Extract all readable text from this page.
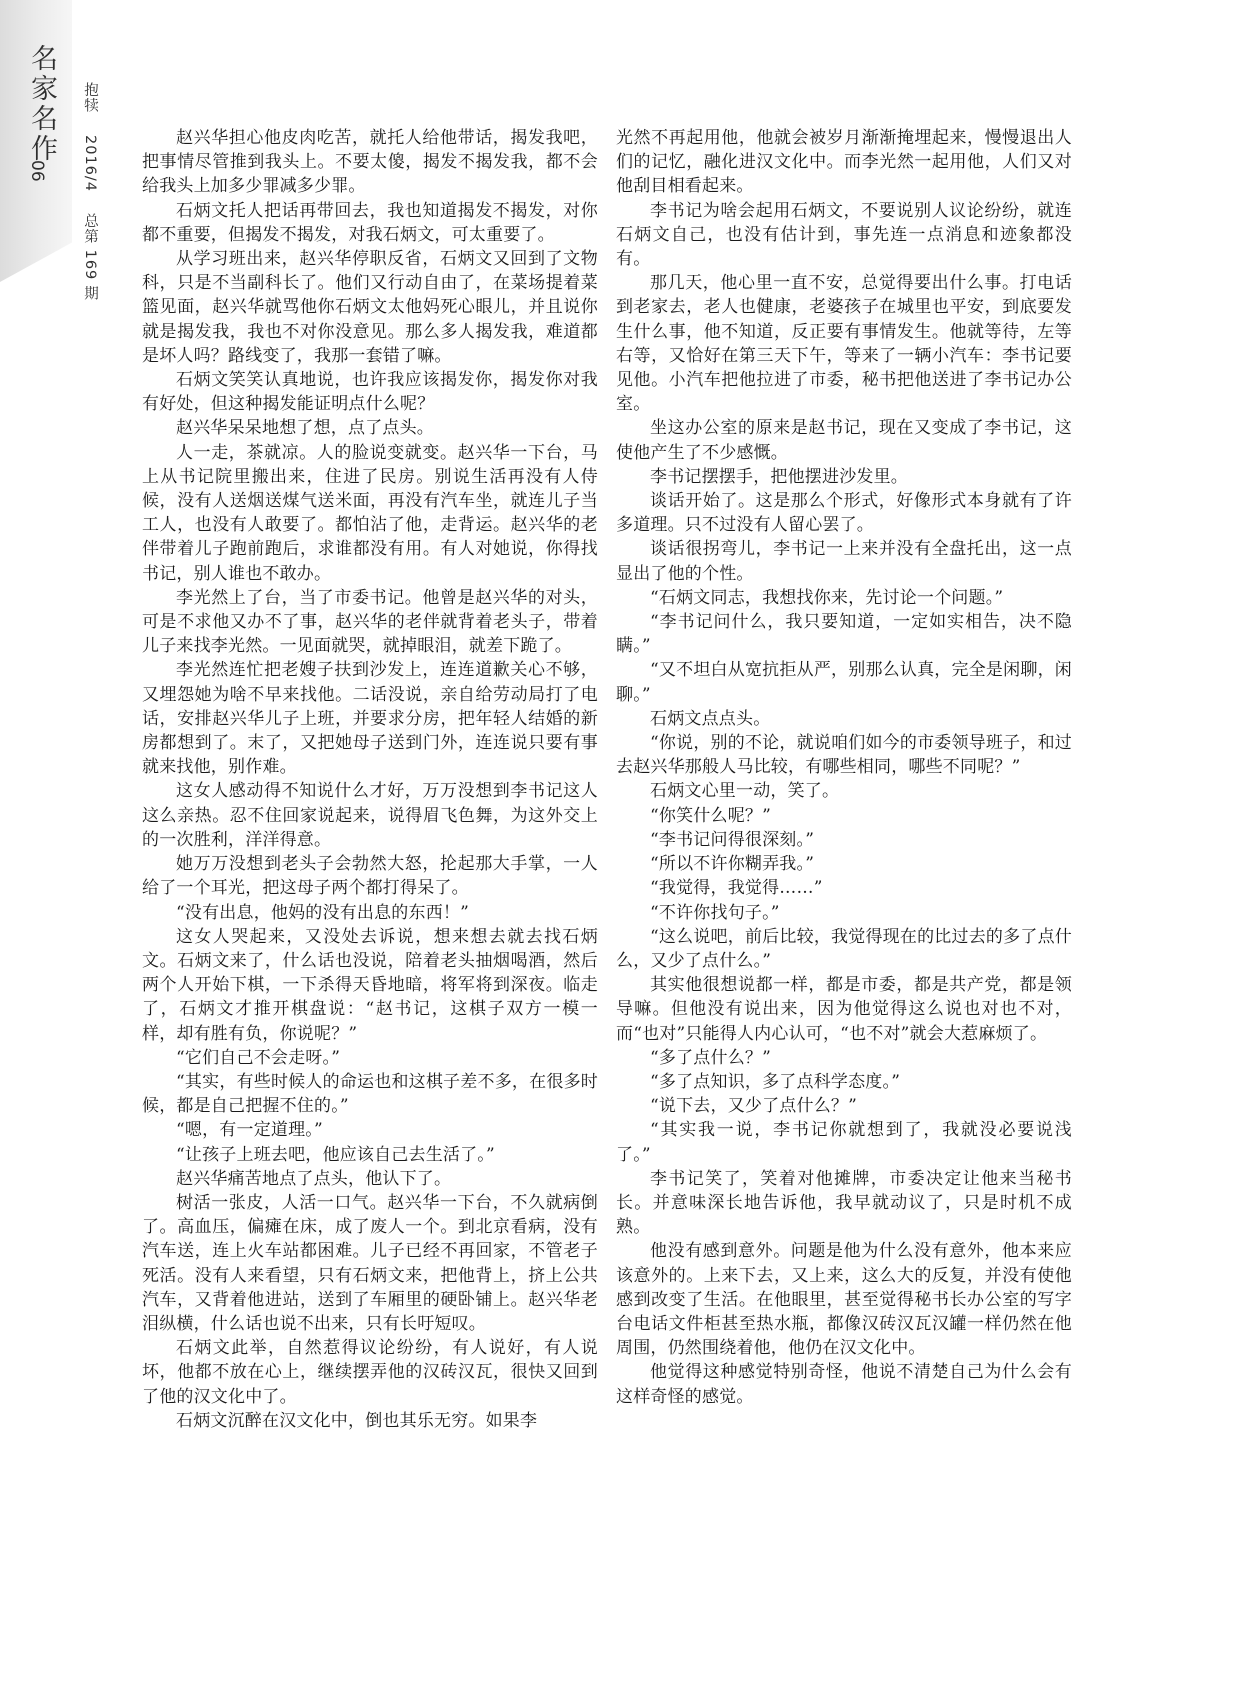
名家名作
06
抱犊 2016/4 总第 169 期

赵兴华担心他皮肉吃苦，就托人给他带话，揭发我吧，把事情尽管推到我头上。不要太傻，揭发不揭发我，都不会给我头上加多少罪减多少罪。

石炳文托人把话再带回去，我也知道揭发不揭发，对你都不重要，但揭发不揭发，对我石炳文，可太重要了。

从学习班出来，赵兴华停职反省，石炳文又回到了文物科，只是不当副科长了。他们又行动自由了，在菜场提着菜篮见面，赵兴华就骂他你石炳文太他妈死心眼儿，并且说你就是揭发我，我也不对你没意见。那么多人揭发我，难道都是坏人吗？路线变了，我那一套错了嘛。

石炳文笑笑认真地说，也许我应该揭发你，揭发你对我有好处，但这种揭发能证明点什么呢？

赵兴华呆呆地想了想，点了点头。

人一走，茶就凉。人的脸说变就变。赵兴华一下台，马上从书记院里搬出来，住进了民房。别说生活再没有人侍候，没有人送烟送煤气送米面，再没有汽车坐，就连儿子当工人，也没有人敢要了。都怕沾了他，走背运。赵兴华的老伴带着儿子跑前跑后，求谁都没有用。有人对她说，你得找书记，别人谁也不敢办。

李光然上了台，当了市委书记。他曾是赵兴华的对头，可是不求他又办不了事，赵兴华的老伴就背着老头子，带着儿子来找李光然。一见面就哭，就掉眼泪，就差下跪了。

李光然连忙把老嫂子扶到沙发上，连连道歉关心不够，又埋怨她为啥不早来找他。二话没说，亲自给劳动局打了电话，安排赵兴华儿子上班，并要求分房，把年轻人结婚的新房都想到了。末了，又把她母子送到门外，连连说只要有事就来找他，别作难。

这女人感动得不知说什么才好，万万没想到李书记这人这么亲热。忍不住回家说起来，说得眉飞色舞，为这外交上的一次胜利，洋洋得意。

她万万没想到老头子会勃然大怒，抡起那大手掌，一人给了一个耳光，把这母子两个都打得呆了。

“没有出息，他妈的没有出息的东西！”

这女人哭起来，又没处去诉说，想来想去就去找石炳文。石炳文来了，什么话也没说，陪着老头抽烟喝酒，然后两个人开始下棋，一下杀得天昏地暗，将军将到深夜。临走了，石炳文才推开棋盘说：“赵书记，这棋子双方一模一样，却有胜有负，你说呢？”

“它们自己不会走呀。”

“其实，有些时候人的命运也和这棋子差不多，在很多时候，都是自己把握不住的。”

“嗯，有一定道理。”

“让孩子上班去吧，他应该自己去生活了。”

赵兴华痛苦地点了点头，他认下了。

树活一张皮，人活一口气。赵兴华一下台，不久就病倒了。高血压，偏瘫在床，成了废人一个。到北京看病，没有汽车送，连上火车站都困难。儿子已经不再回家，不管老子死活。没有人来看望，只有石炳文来，把他背上，挤上公共汽车，又背着他进站，送到了车厢里的硬卧铺上。赵兴华老泪纵横，什么话也说不出来，只有长吁短叹。

石炳文此举，自然惹得议论纷纷，有人说好，有人说坏，他都不放在心上，继续摆弄他的汉砖汉瓦，很快又回到了他的汉文化中了。

石炳文沉醉在汉文化中，倒也其乐无穷。如果李

光然不再起用他，他就会被岁月渐渐掩埋起来，慢慢退出人们的记忆，融化进汉文化中。而李光然一起用他，人们又对他刮目相看起来。

李书记为啥会起用石炳文，不要说别人议论纷纷，就连石炳文自己，也没有估计到，事先连一点消息和迹象都没有。

那几天，他心里一直不安，总觉得要出什么事。打电话到老家去，老人也健康，老婆孩子在城里也平安，到底要发生什么事，他不知道，反正要有事情发生。他就等待，左等右等，又恰好在第三天下午，等来了一辆小汽车：李书记要见他。小汽车把他拉进了市委，秘书把他送进了李书记办公室。

坐这办公室的原来是赵书记，现在又变成了李书记，这使他产生了不少感慨。

李书记摆摆手，把他摆进沙发里。

谈话开始了。这是那么个形式，好像形式本身就有了许多道理。只不过没有人留心罢了。

谈话很拐弯儿，李书记一上来并没有全盘托出，这一点显出了他的个性。

“石炳文同志，我想找你来，先讨论一个问题。”

“李书记问什么，我只要知道，一定如实相告，决不隐瞒。”

“又不坦白从宽抗拒从严，别那么认真，完全是闲聊，闲聊。”

石炳文点点头。

“你说，别的不论，就说咱们如今的市委领导班子，和过去赵兴华那般人马比较，有哪些相同，哪些不同呢？”

石炳文心里一动，笑了。

“你笑什么呢？”

“李书记问得很深刻。”

“所以不许你糊弄我。”

“我觉得，我觉得……”

“不许你找句子。”

“这么说吧，前后比较，我觉得现在的比过去的多了点什么，又少了点什么。”

其实他很想说都一样，都是市委，都是共产党，都是领导嘛。但他没有说出来，因为他觉得这么说也对也不对，而“也对”只能得人内心认可，“也不对”就会大惹麻烦了。

“多了点什么？”

“多了点知识，多了点科学态度。”

“说下去，又少了点什么？”

“其实我一说，李书记你就想到了，我就没必要说浅了。”

李书记笑了，笑着对他摊牌，市委决定让他来当秘书长。并意味深长地告诉他，我早就动议了，只是时机不成熟。

他没有感到意外。问题是他为什么没有意外，他本来应该意外的。上来下去，又上来，这么大的反复，并没有使他感到改变了生活。在他眼里，甚至觉得秘书长办公室的写字台电话文件柜甚至热水瓶，都像汉砖汉瓦汉罐一样仍然在他周围，仍然围绕着他，他仍在汉文化中。

他觉得这种感觉特别奇怪，他说不清楚自己为什么会有这样奇怪的感觉。
